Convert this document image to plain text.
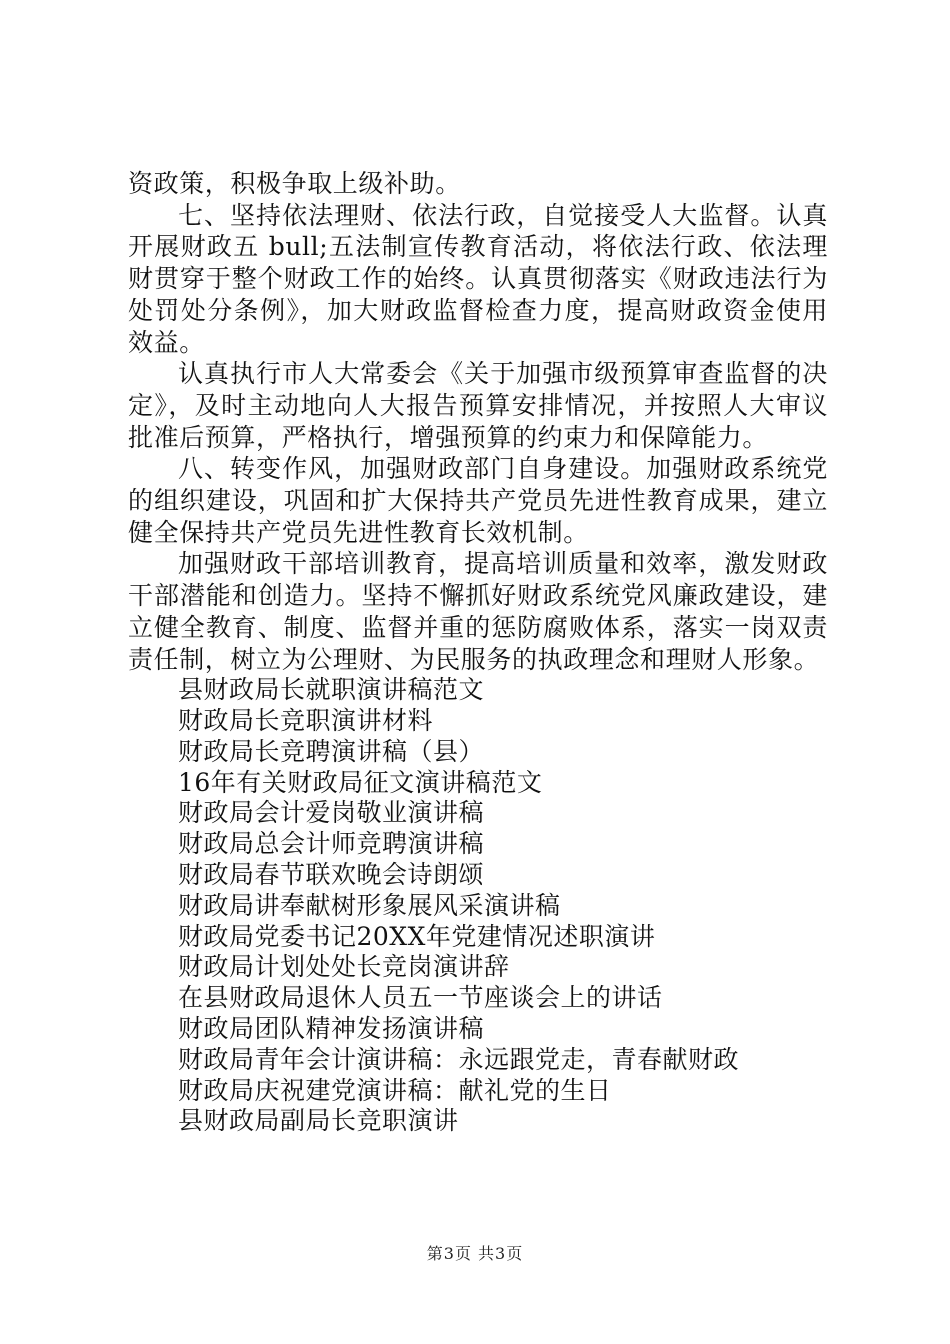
资政策，积极争取上级补助。

七、坚持依法理财、依法行政，自觉接受人大监督。认真开展财政五 bull;五法制宣传教育活动，将依法行政、依法理财贯穿于整个财政工作的始终。认真贯彻落实《财政违法行为处罚处分条例》，加大财政监督检查力度，提高财政资金使用效益。

认真执行市人大常委会《关于加强市级预算审查监督的决定》，及时主动地向人大报告预算安排情况，并按照人大审议批准后预算，严格执行，增强预算的约束力和保障能力。

八、转变作风，加强财政部门自身建设。加强财政系统党的组织建设，巩固和扩大保持共产党员先进性教育成果，建立健全保持共产党员先进性教育长效机制。

加强财政干部培训教育，提高培训质量和效率，激发财政干部潜能和创造力。坚持不懈抓好财政系统党风廉政建设，建立健全教育、制度、监督并重的惩防腐败体系，落实一岗双责责任制，树立为公理财、为民服务的执政理念和理财人形象。

县财政局长就职演讲稿范文
财政局长竞职演讲材料
财政局长竞聘演讲稿（县）
16年有关财政局征文演讲稿范文
财政局会计爱岗敬业演讲稿
财政局总会计师竞聘演讲稿
财政局春节联欢晚会诗朗颂
财政局讲奉献树形象展风采演讲稿
财政局党委书记20XX年党建情况述职演讲
财政局计划处处长竞岗演讲辞
在县财政局退休人员五一节座谈会上的讲话
财政局团队精神发扬演讲稿
财政局青年会计演讲稿：永远跟党走，青春献财政
财政局庆祝建党演讲稿：献礼党的生日
县财政局副局长竞职演讲
第3页 共3页
